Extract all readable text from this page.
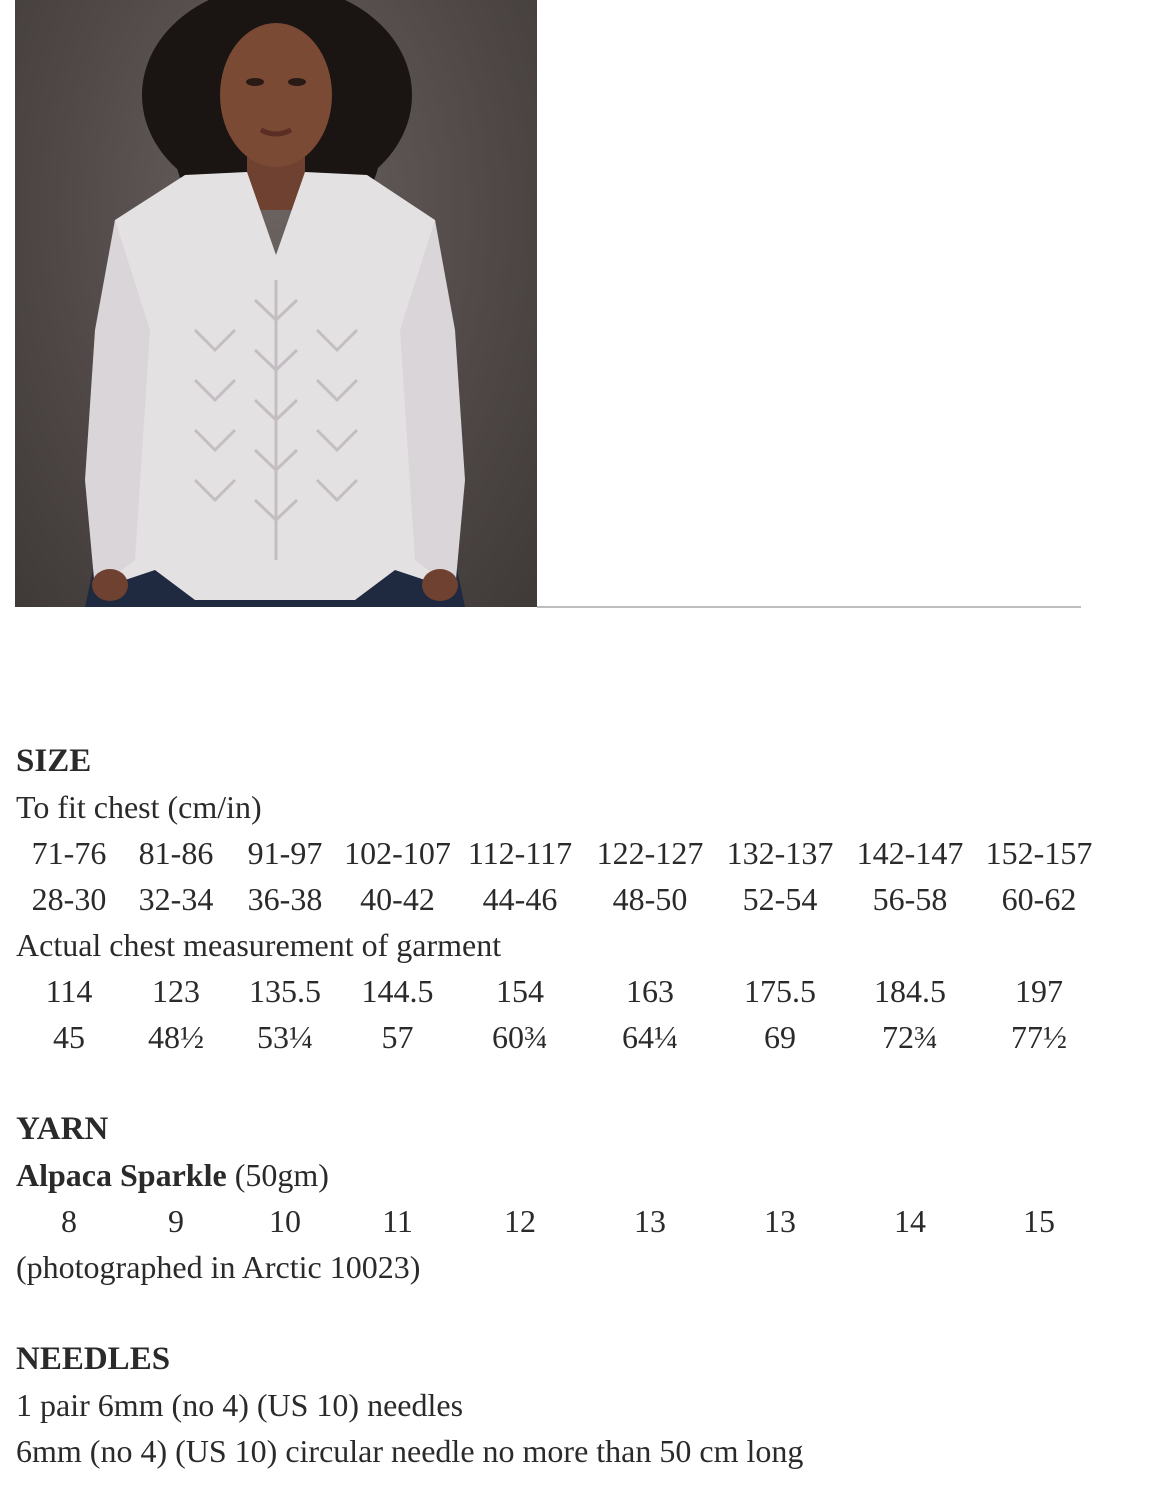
SIZE
To fit chest (cm/in)
71-76	81-86	91-97 102-107 112-117 122-127 132-137 142-147 152-157
28-30	32-34	36-38	40-42	44-46	48-50	52-54	56-58	60-62
Actual chest measurement of garment
114	123	135.5	144.5	154	163	175.5	184.5	197
45	48½	53¼	57	60¾	64¼	69	72¾	77½
YARN
Alpaca Sparkle (50gm)
8	9	10	11	12	13	13	14	15
(photographed in Arctic 10023)
NEEDLES
1 pair 6mm (no 4) (US 10) needles
6mm (no 4) (US 10) circular needle no more than 50 cm long
